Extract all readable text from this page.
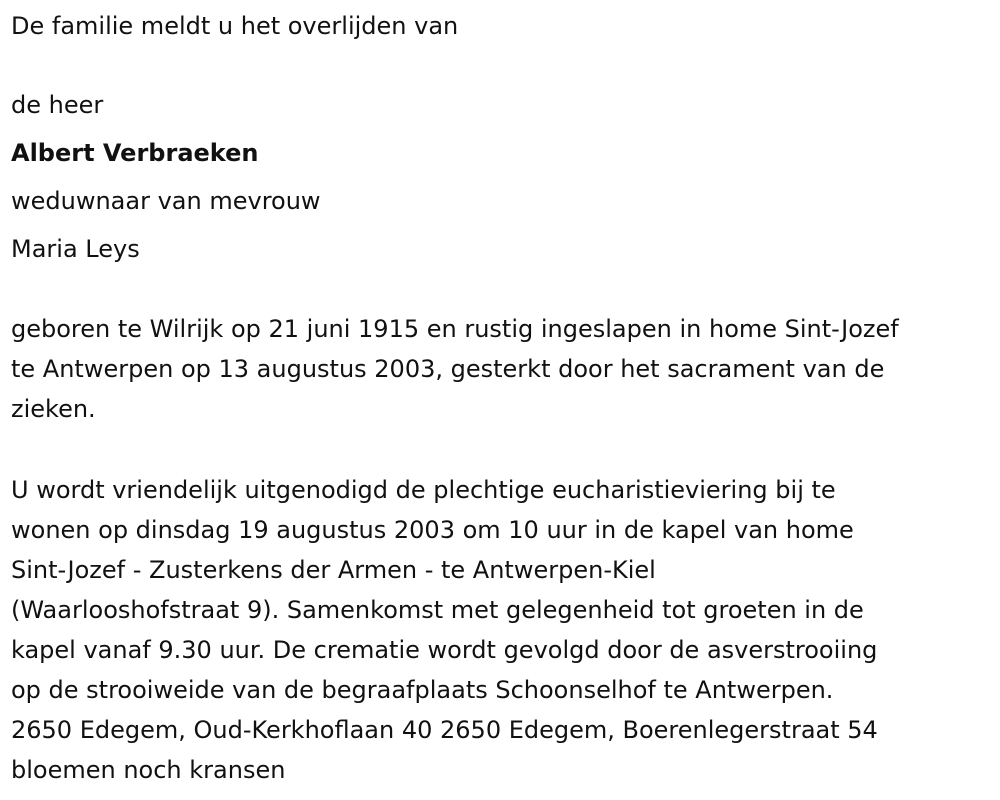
De familie meldt u het overlijden van

de heer

Albert Verbraeken

weduwnaar van mevrouw

Maria Leys

geboren te Wilrijk op 21 juni 1915 en rustig ingeslapen in home Sint-Jozef

te Antwerpen op 13 augustus 2003, gesterkt door het sacrament van de

zieken.

U wordt vriendelijk uitgenodigd de plechtige eucharistieviering bij te

wonen op dinsdag 19 augustus 2003 om 10 uur in de kapel van home

Sint-Jozef - Zusterkens der Armen - te Antwerpen-Kiel

(Waarlooshofstraat 9). Samenkomst met gelegenheid tot groeten in de

kapel vanaf 9.30 uur. De crematie wordt gevolgd door de asverstrooiing

op de strooiweide van de begraafplaats Schoonselhof te Antwerpen.

2650 Edegem, Oud-Kerkhoflaan 40 2650 Edegem, Boerenlegerstraat 54

bloemen noch kransen
